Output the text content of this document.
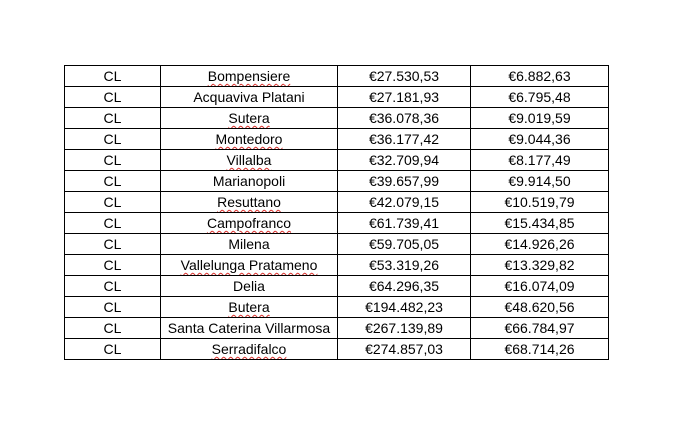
CL	Bompensiere	€27.530,53	€6.882,63
CL	Acquaviva Platani	€27.181,93	€6.795,48
CL	Sutera	€36.078,36	€9.019,59
CL	Montedoro	€36.177,42	€9.044,36
CL	Villalba	€32.709,94	€8.177,49
CL	Marianopoli	€39.657,99	€9.914,50
CL	Resuttano	€42.079,15	€10.519,79
CL	Campofranco	€61.739,41	€15.434,85
CL	Milena	€59.705,05	€14.926,26
CL	Vallelunga Pratameno	€53.319,26	€13.329,82
CL	Delia	€64.296,35	€16.074,09
CL	Butera	€194.482,23	€48.620,56
CL	Santa Caterina Villarmosa	€267.139,89	€66.784,97
CL	Serradifalco	€274.857,03	€68.714,26
